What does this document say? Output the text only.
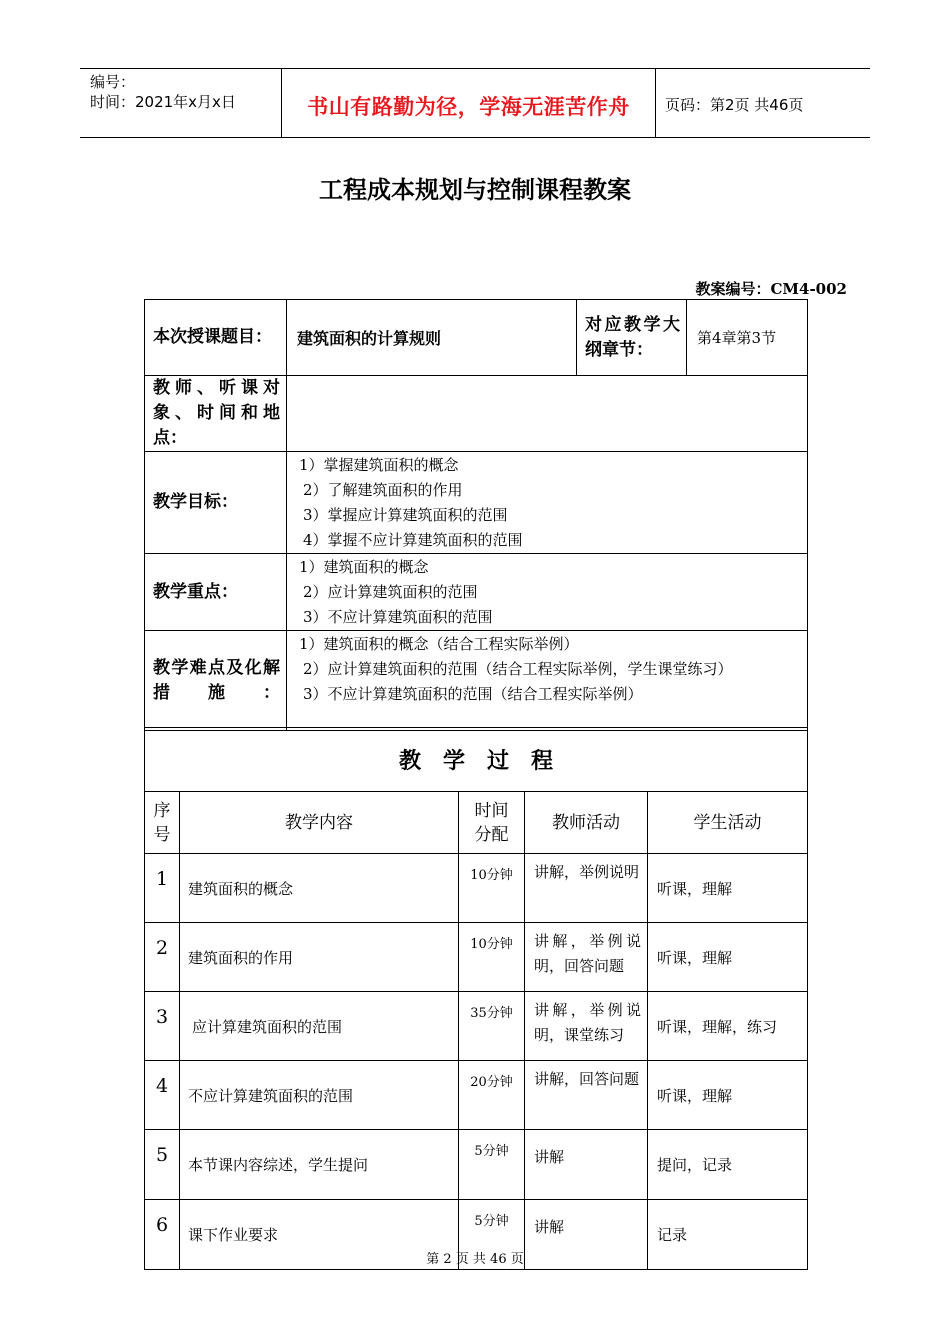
编号：
时间：2021年x月x日	书山有路勤为径，学海无涯苦作舟	页码：第2页 共46页
工程成本规划与控制课程教案
教案编号：CM4-002
本次授课题目：	建筑面积的计算规则	对应教学大纲章节：	第4章第3节
教师、听课对象、时间和地点：			
教学目标：	1）掌握建筑面积的概念
2）了解建筑面积的作用
3）掌握应计算建筑面积的范围
4）掌握不应计算建筑面积的范围		

教学重点：	1）建筑面积的概念
2）应计算建筑面积的范围
3）不应计算建筑面积的范围		

教学难点及化解措施：	1）建筑面积的概念（结合工程实际举例）
2）应计算建筑面积的范围（结合工程实际举例，学生课堂练习）
3）不应计算建筑面积的范围（结合工程实际举例）		
教学过程				
序号	教学内容	时间分配	教师活动	学生活动
1	建筑面积的概念	10分钟	讲解，举例说明	听课，理解
2	建筑面积的作用	10分钟	讲解，举例说明，回答问题	听课，理解
3	应计算建筑面积的范围	35分钟	讲解，举例说明，课堂练习	听课，理解，练习
4	不应计算建筑面积的范围	20分钟	讲解，回答问题	听课，理解
5	本节课内容综述，学生提问	5分钟	讲解	提问，记录
6	课下作业要求	5分钟	讲解	记录
第 2 页 共 46 页
